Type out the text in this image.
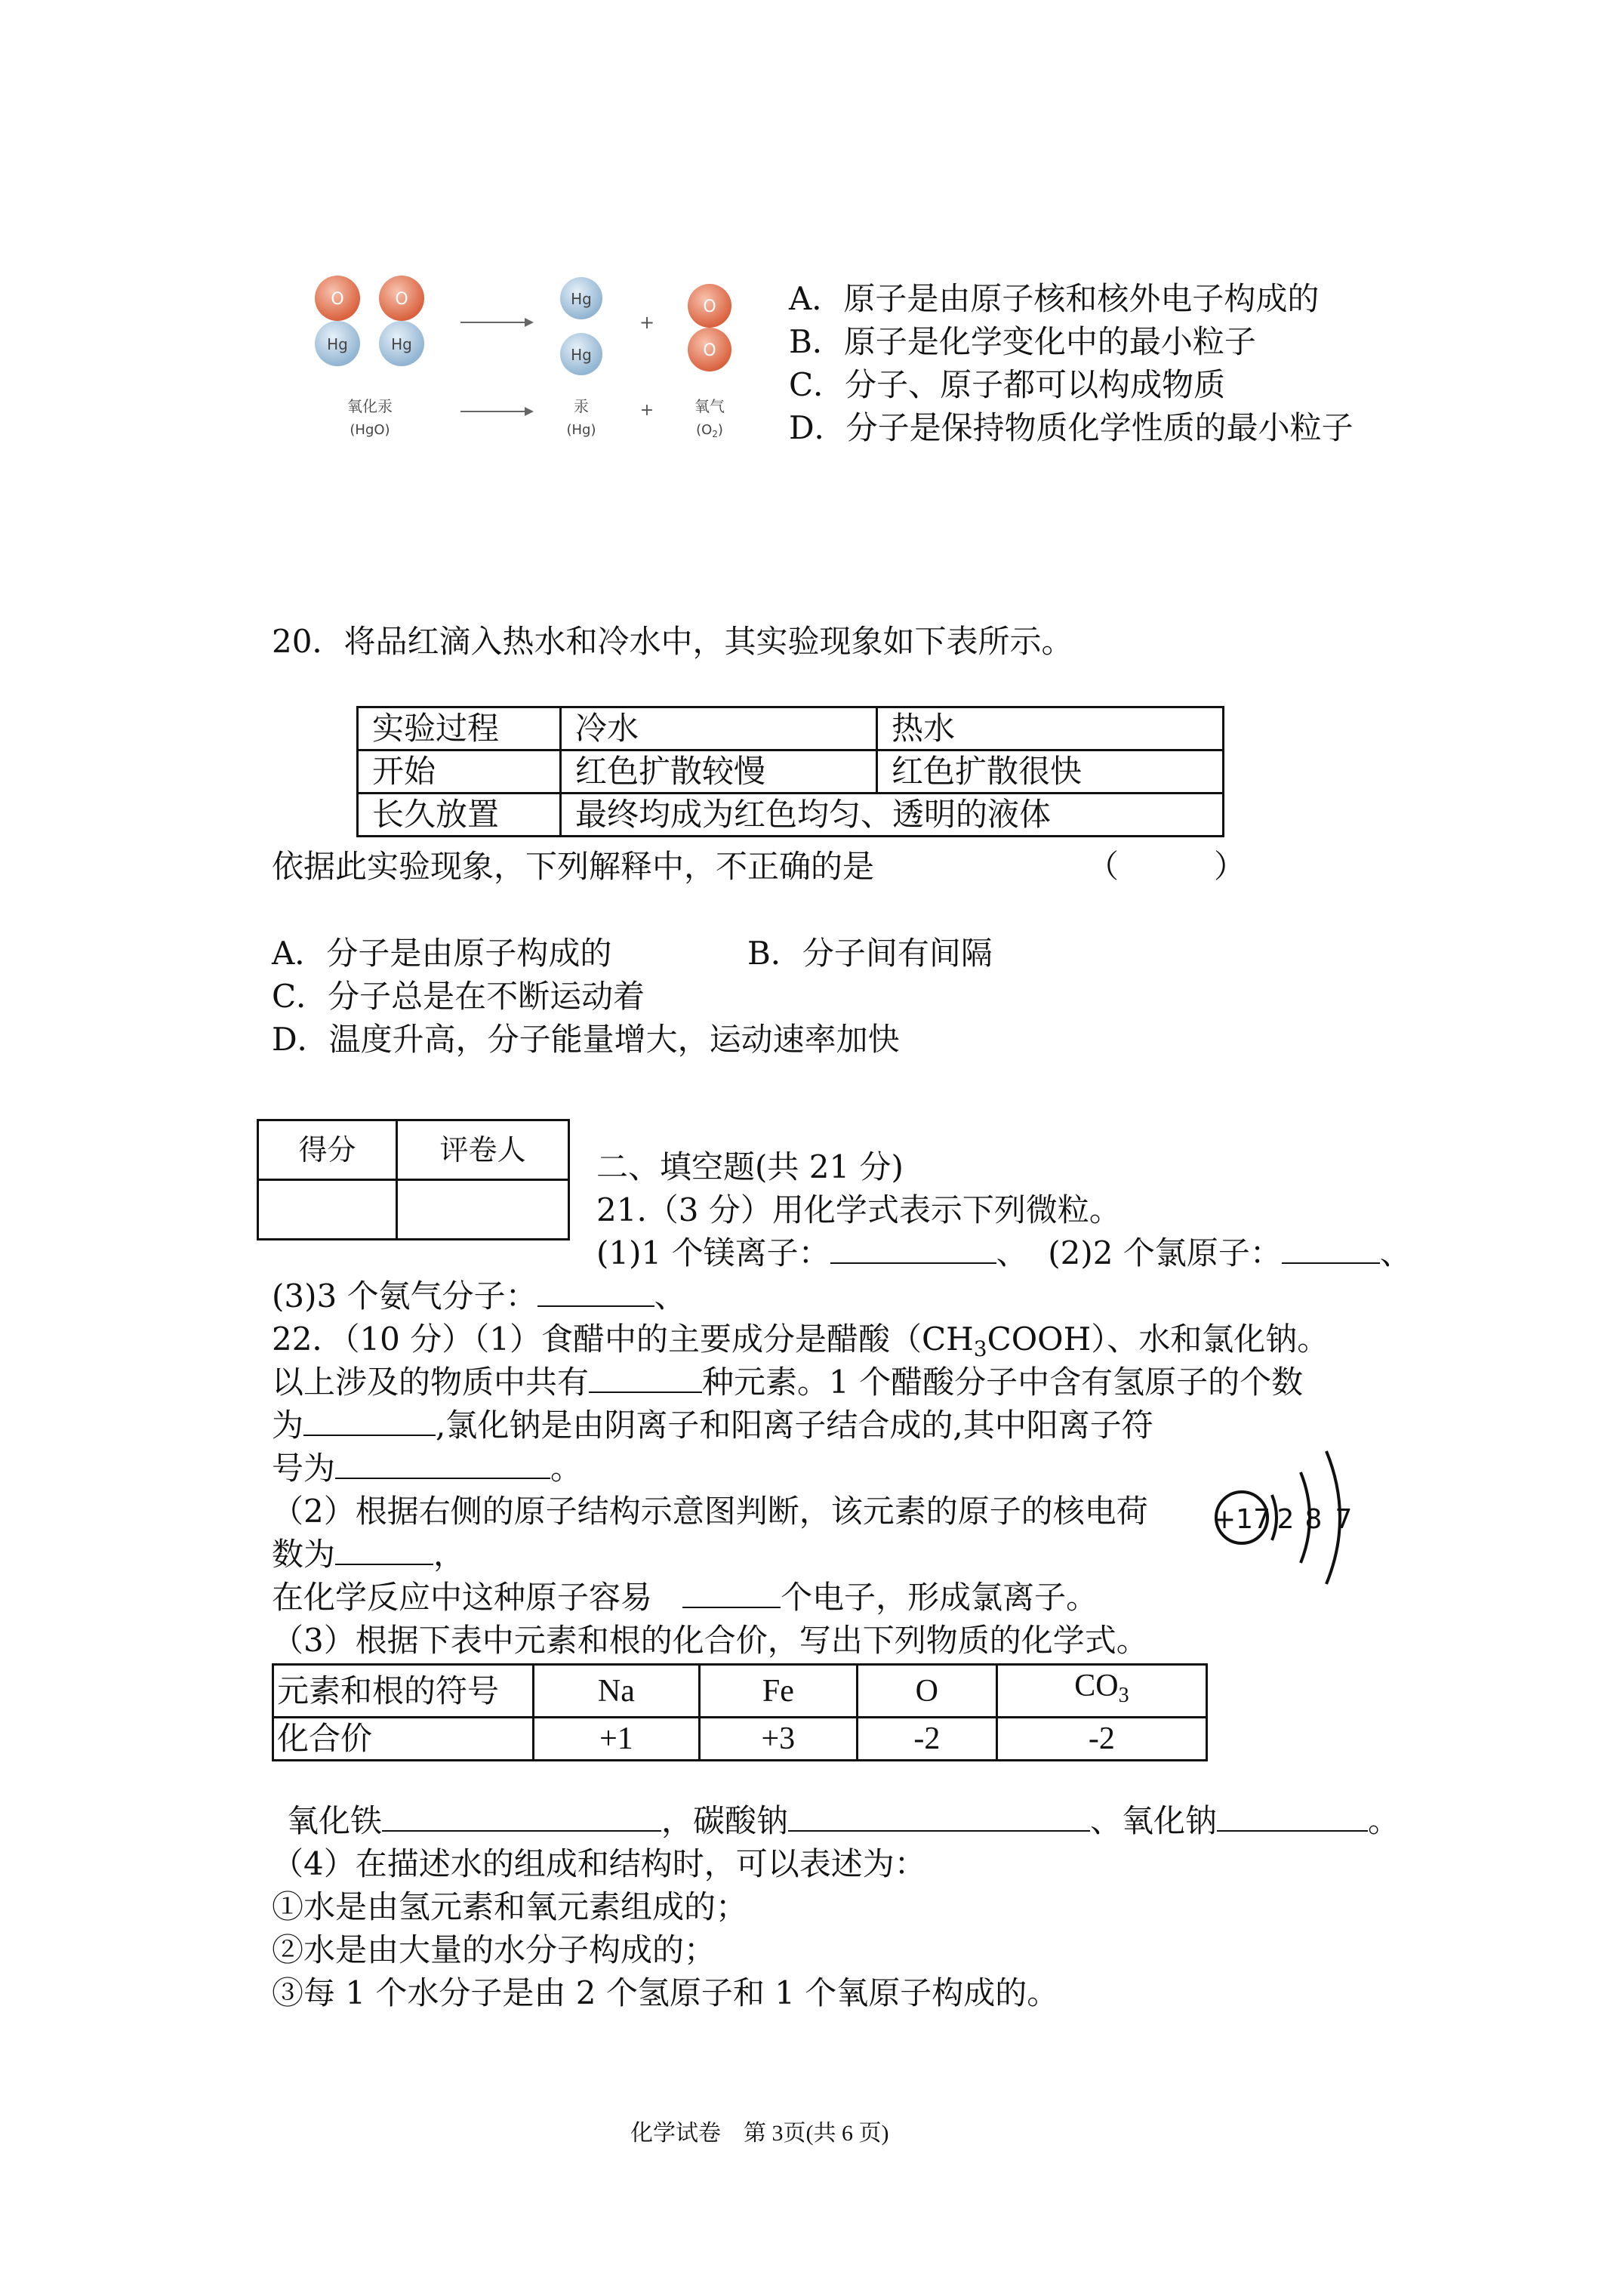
O
Hg
O
Hg
Hg
Hg
+
O
O
氧化汞
(HgO)
汞
(Hg)
+	氧气
$(O_2)$
A．原子是由原子核和核外电子构成的
B．原子是化学变化中的最小粒子
C．分子、原子都可以构成物质
D．分子是保持物质化学性质的最小粒子
20．将品红滴入热水和冷水中，其实验现象如下表所示。
实验过程	冷水	热水
开始	红色扩散较慢	红色扩散很快
长久放置	最终均成为红色均匀、透明的液体	
依据此实验现象，下列解释中，不正确的是	（　　　）
A．分子是由原子构成的	B．分子间有间隔
C．分子总是在不断运动着
D．温度升高，分子能量增大，运动速率加快
得分	评卷人
	二、填空题(共 21 分)
21.（3 分）用化学式表示下列微粒。
(1)1 个镁离子：	、 (2)2 个氯原子：	、
(3)3 个氨气分子：	、
22．（10 分）（1）食醋中的主要成分是醋酸$(CH_3COOH)$、水和氯化钠。
以上涉及的物质中共有	种元素。1 个醋酸分子中含有氢原子的个数
为	,氯化钠是由阴离子和阳离子结合成的,其中阳离子符
号为	。
（2）根据右侧的原子结构示意图判断，该元素的原子的核电荷
数为	，
在化学反应中这种原子容易	个电子，形成氯离子。
+17 2 8 7
（3）根据下表中元素和根的化合价，写出下列物质的化学式。
元素和根的符号	Na	Fe	O	$CO_3$
化合价	+1	+3	-2	-2
氧化铁	，碳酸钠	、氧化钠	。
（4）在描述水的组成和结构时，可以表述为：
①水是由氢元素和氧元素组成的；
②水是由大量的水分子构成的；
③每 1 个水分子是由 2 个氢原子和 1 个氧原子构成的。
化学试卷　第 3页(共 6 页)
